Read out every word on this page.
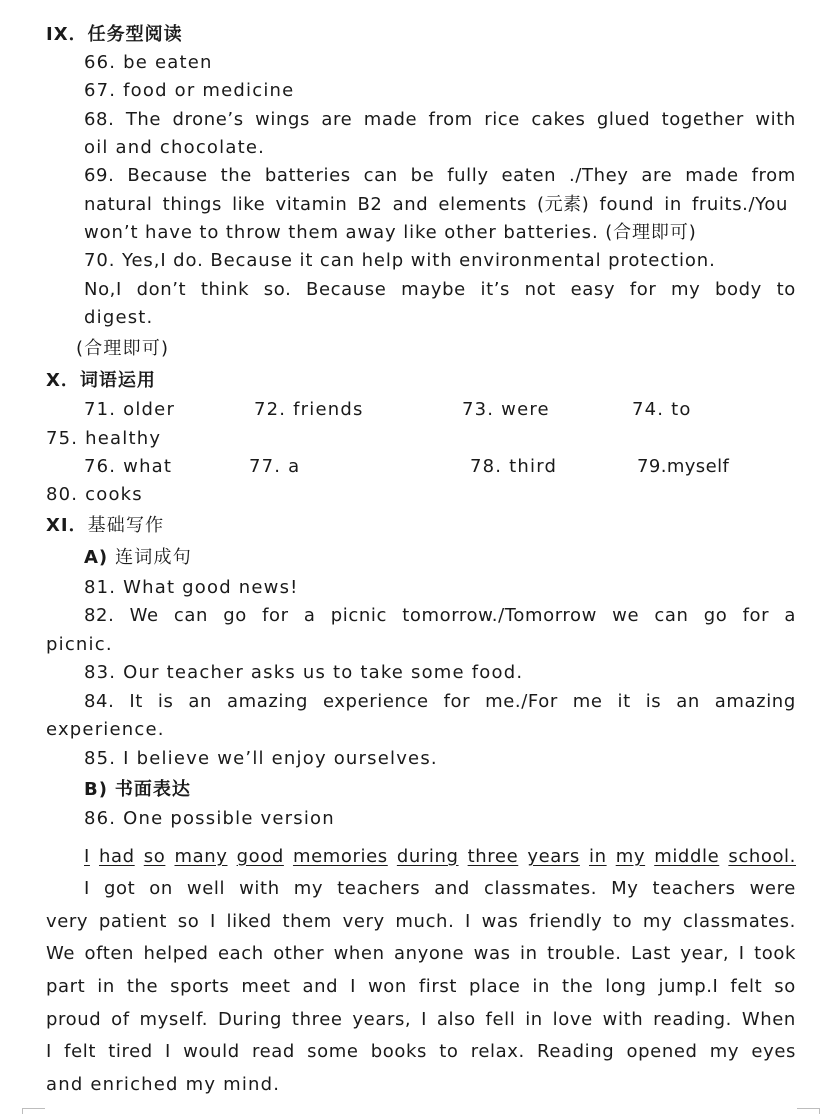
IX．任务型阅读
66. be eaten
67. food or medicine
68. The drone’s wings are made from rice cakes glued together with
oil and chocolate.
69. Because the batteries can be fully eaten ./They are made from
natural things like vitamin B2 and elements (元素) found in fruits./You
won’t have to throw them away like other batteries. (合理即可)
70. Yes,I do. Because it can help with environmental protection.
No,I don’t think so. Because maybe it’s not easy for my body to
digest.
(合理即可)
X．词语运用
71. older	72. friends	73. were	74. to
75. healthy
76. what	77. a	78. third	79.myself
80. cooks
XI．基础写作
A) 连词成句
81. What good news!
82. We can go for a picnic tomorrow./Tomorrow we can go for a
picnic.
83. Our teacher asks us to take some food.
84. It is an amazing experience for me./For me it is an amazing
experience.
85. I believe we’ll enjoy ourselves.
B) 书面表达
86. One possible version
I had so many good memories during three years in my middle school.
I got on well with my teachers and classmates. My teachers were
very patient so I liked them very much. I was friendly to my classmates.
We often helped each other when anyone was in trouble. Last year, I took
part in the sports meet and I won first place in the long jump.I felt so
proud of myself. During three years, I also fell in love with reading. When
I felt tired I would read some books to relax. Reading opened my eyes
and enriched my mind.
